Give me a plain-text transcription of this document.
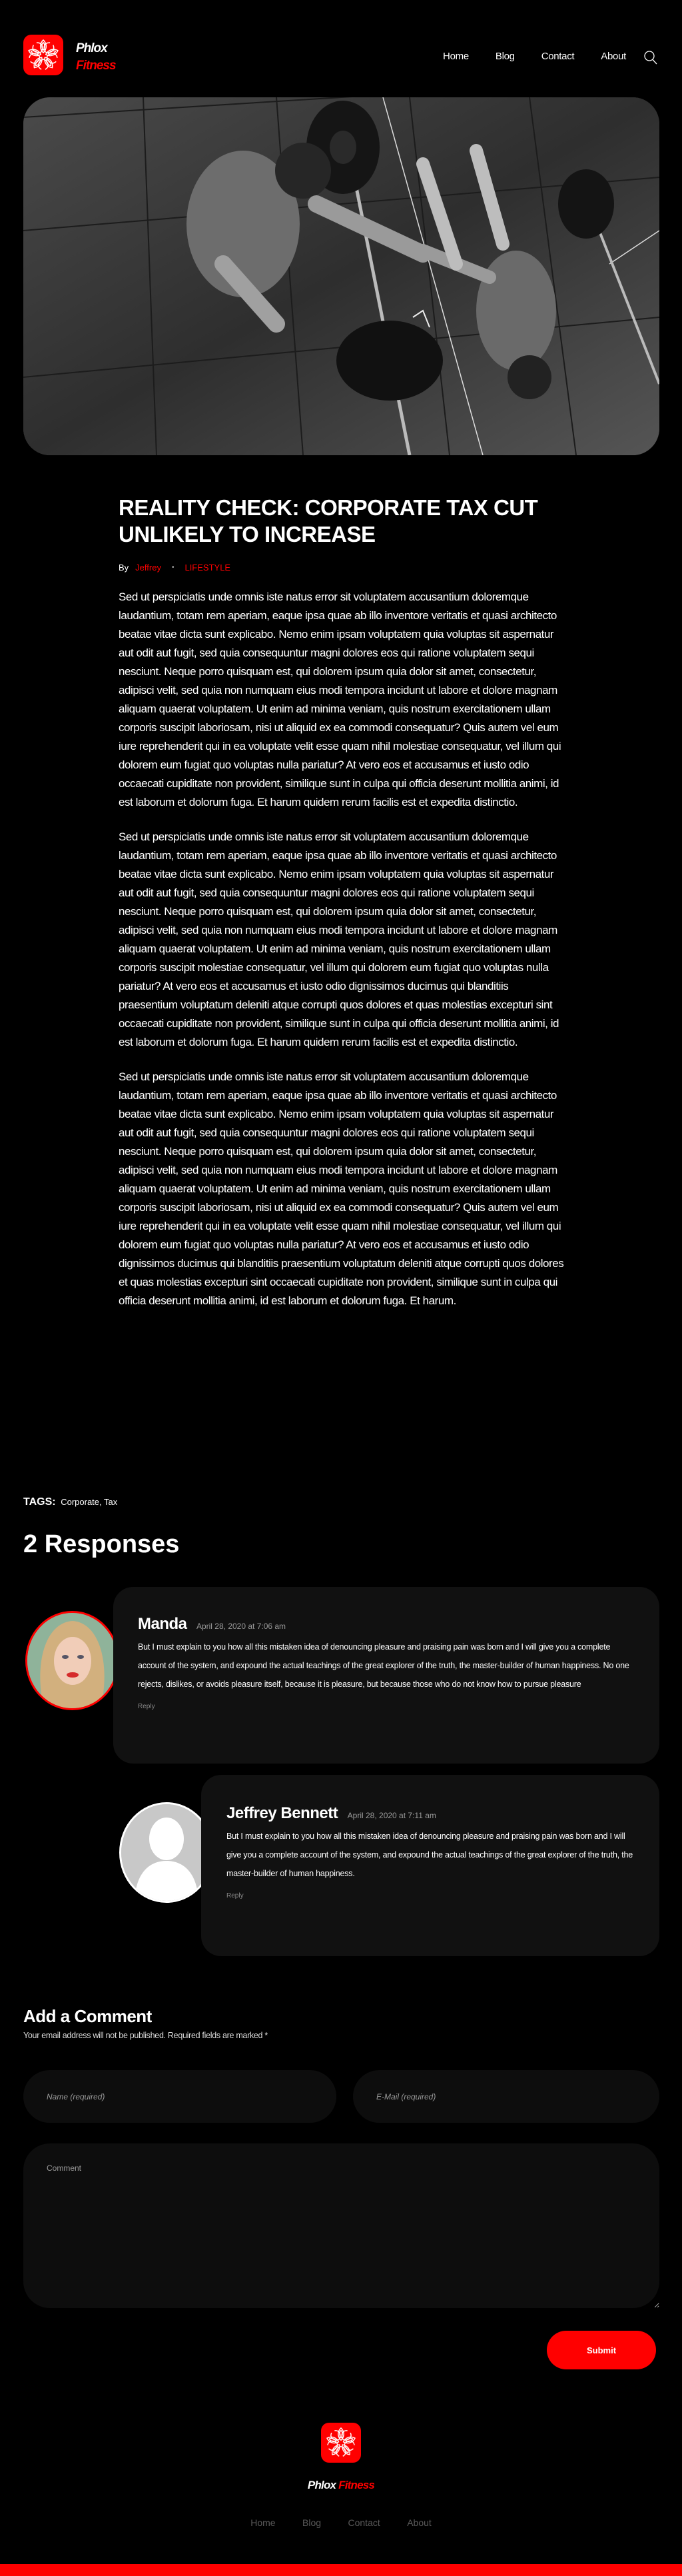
Phlox
Fitness
Home	Blog	Contact	About
REALITY CHECK: CORPORATE TAX CUT UNLIKELY TO INCREASE
By Jeffrey • LIFESTYLE

Sed ut perspiciatis unde omnis iste natus error sit voluptatem accusantium doloremque laudantium, totam rem aperiam, eaque ipsa quae ab illo inventore veritatis et quasi architecto beatae vitae dicta sunt explicabo. Nemo enim ipsam voluptatem quia voluptas sit aspernatur aut odit aut fugit, sed quia consequuntur magni dolores eos qui ratione voluptatem sequi nesciunt. Neque porro quisquam est, qui dolorem ipsum quia dolor sit amet, consectetur, adipisci velit, sed quia non numquam eius modi tempora incidunt ut labore et dolore magnam aliquam quaerat voluptatem. Ut enim ad minima veniam, quis nostrum exercitationem ullam corporis suscipit laboriosam, nisi ut aliquid ex ea commodi consequatur? Quis autem vel eum iure reprehenderit qui in ea voluptate velit esse quam nihil molestiae consequatur, vel illum qui dolorem eum fugiat quo voluptas nulla pariatur? At vero eos et accusamus et iusto odio occaecati cupiditate non provident, similique sunt in culpa qui officia deserunt mollitia animi, id est laborum et dolorum fuga. Et harum quidem rerum facilis est et expedita distinctio.

Sed ut perspiciatis unde omnis iste natus error sit voluptatem accusantium doloremque laudantium, totam rem aperiam, eaque ipsa quae ab illo inventore veritatis et quasi architecto beatae vitae dicta sunt explicabo. Nemo enim ipsam voluptatem quia voluptas sit aspernatur aut odit aut fugit, sed quia consequuntur magni dolores eos qui ratione voluptatem sequi nesciunt. Neque porro quisquam est, qui dolorem ipsum quia dolor sit amet, consectetur, adipisci velit, sed quia non numquam eius modi tempora incidunt ut labore et dolore magnam aliquam quaerat voluptatem. Ut enim ad minima veniam, quis nostrum exercitationem ullam corporis suscipit molestiae consequatur, vel illum qui dolorem eum fugiat quo voluptas nulla pariatur? At vero eos et accusamus et iusto odio dignissimos ducimus qui blanditiis praesentium voluptatum deleniti atque corrupti quos dolores et quas molestias excepturi sint occaecati cupiditate non provident, similique sunt in culpa qui officia deserunt mollitia animi, id est laborum et dolorum fuga. Et harum quidem rerum facilis est et expedita distinctio.

Sed ut perspiciatis unde omnis iste natus error sit voluptatem accusantium doloremque laudantium, totam rem aperiam, eaque ipsa quae ab illo inventore veritatis et quasi architecto beatae vitae dicta sunt explicabo. Nemo enim ipsam voluptatem quia voluptas sit aspernatur aut odit aut fugit, sed quia consequuntur magni dolores eos qui ratione voluptatem sequi nesciunt. Neque porro quisquam est, qui dolorem ipsum quia dolor sit amet, consectetur, adipisci velit, sed quia non numquam eius modi tempora incidunt ut labore et dolore magnam aliquam quaerat voluptatem. Ut enim ad minima veniam, quis nostrum exercitationem ullam corporis suscipit laboriosam, nisi ut aliquid ex ea commodi consequatur? Quis autem vel eum iure reprehenderit qui in ea voluptate velit esse quam nihil molestiae consequatur, vel illum qui dolorem eum fugiat quo voluptas nulla pariatur? At vero eos et accusamus et iusto odio dignissimos ducimus qui blanditiis praesentium voluptatum deleniti atque corrupti quos dolores et quas molestias excepturi sint occaecati cupiditate non provident, similique sunt in culpa qui officia deserunt mollitia animi, id est laborum et dolorum fuga. Et harum.

TAGS: Corporate, Tax
2 Responses
Manda April 28, 2020 at 7:06 am
But I must explain to you how all this mistaken idea of denouncing pleasure and praising pain was born and I will give you a complete account of the system, and expound the actual teachings of the great explorer of the truth, the master-builder of human happiness. No one rejects, dislikes, or avoids pleasure itself, because it is pleasure, but because those who do not know how to pursue pleasure
Reply
Jeffrey Bennett April 28, 2020 at 7:11 am
But I must explain to you how all this mistaken idea of denouncing pleasure and praising pain was born and I will give you a complete account of the system, and expound the actual teachings of the great explorer of the truth, the master-builder of human happiness.
Reply
Add a Comment

Your email address will not be published. Required fields are marked *

Name (required)
E-Mail (required)
Comment
Submit
Phlox Fitness
Home	Blog	Contact	About
